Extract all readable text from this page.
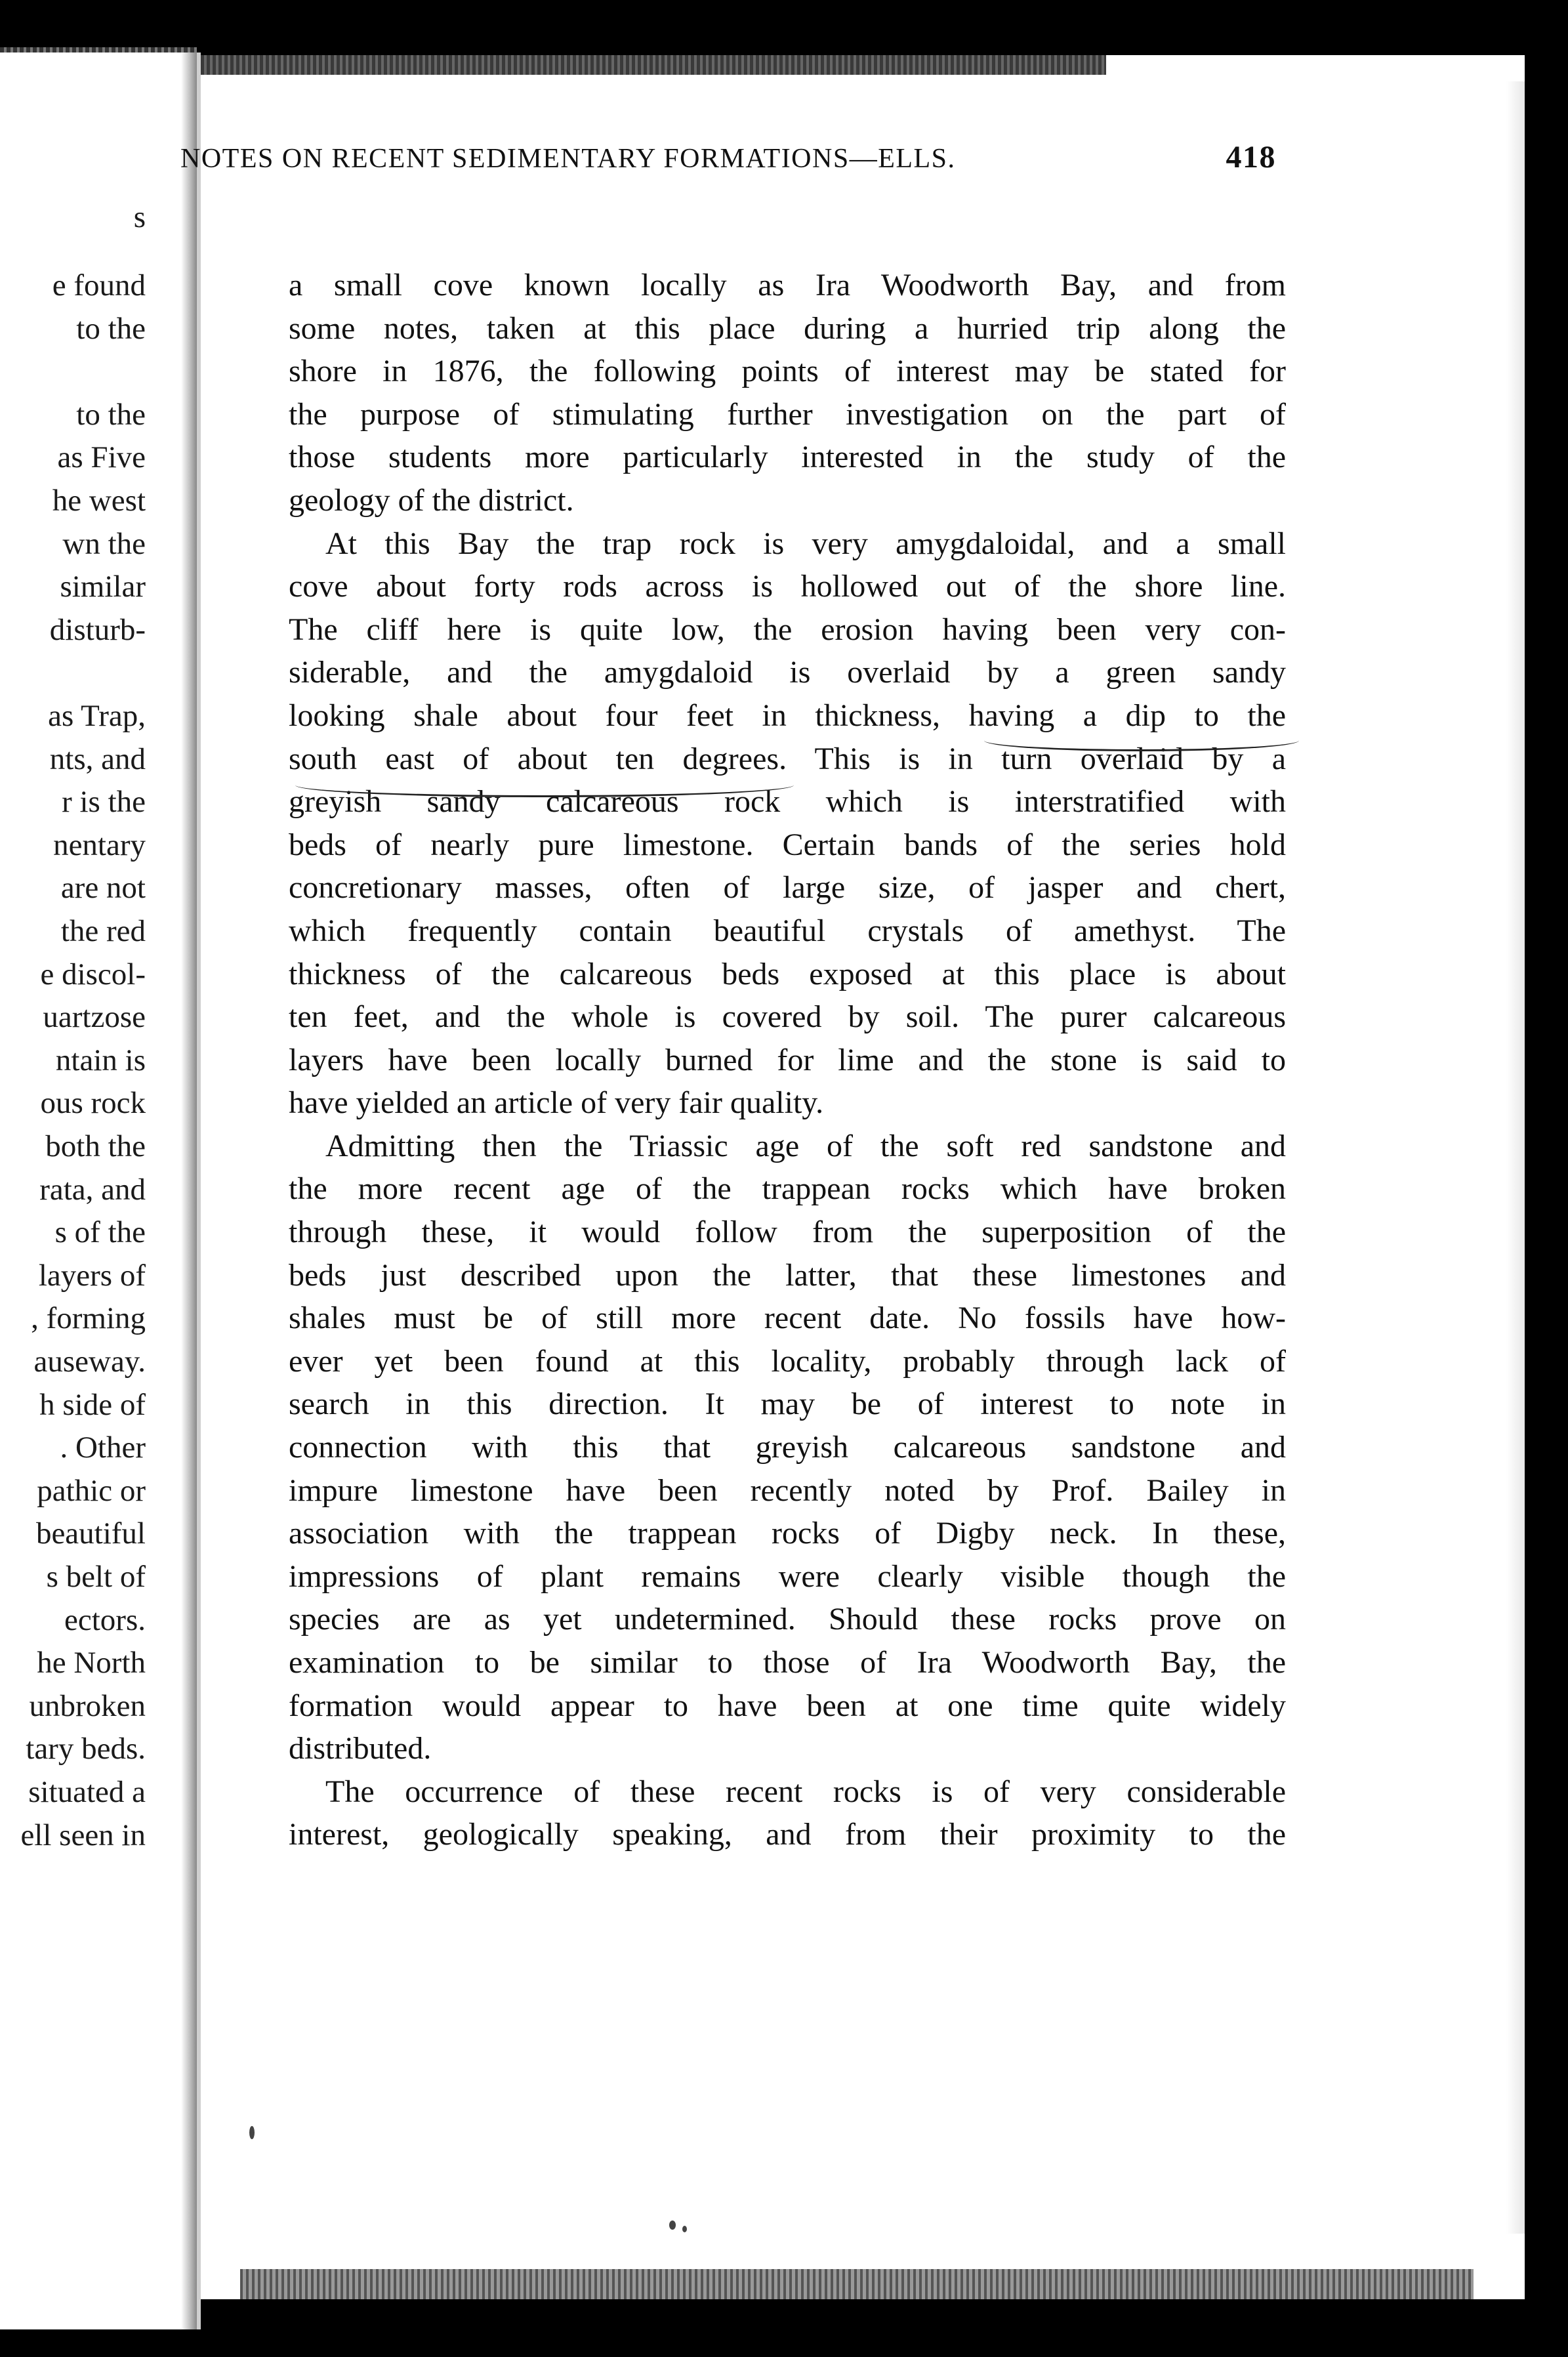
s
e found
to the
to the
as Five
he west
wn the
similar
disturb-
as Trap,
nts, and
r is the
nentary
are not
the red
e discol-
uartzose
ntain is
ous rock
both the
rata, and
s of the
layers of
, forming
auseway.
h side of
. Other
pathic or
beautiful
s belt of
ectors.
he North
unbroken
tary beds.
situated a
ell seen in
NOTES ON RECENT SEDIMENTARY FORMATIONS—ELLS.	418
a small cove known locally as Ira Woodworth Bay, and from
some notes, taken at this place during a hurried trip along the
shore in 1876, the following points of interest may be stated for
the purpose of stimulating further investigation on the part of
those students more particularly interested in the study of the
geology of the district.
At this Bay the trap rock is very amygdaloidal, and a small
cove about forty rods across is hollowed out of the shore line.
The cliff here is quite low, the erosion having been very con-
siderable, and the amygdaloid is overlaid by a green sandy
looking shale about four feet in thickness, having a dip to the
south east of about ten degrees. This is in turn overlaid by a
greyish sandy calcareous rock which is interstratified with
beds of nearly pure limestone. Certain bands of the series hold
concretionary masses, often of large size, of jasper and chert,
which frequently contain beautiful crystals of amethyst. The
thickness of the calcareous beds exposed at this place is about
ten feet, and the whole is covered by soil. The purer calcareous
layers have been locally burned for lime and the stone is said to
have yielded an article of very fair quality.
Admitting then the Triassic age of the soft red sandstone and
the more recent age of the trappean rocks which have broken
through these, it would follow from the superposition of the
beds just described upon the latter, that these limestones and
shales must be of still more recent date. No fossils have how-
ever yet been found at this locality, probably through lack of
search in this direction. It may be of interest to note in
connection with this that greyish calcareous sandstone and
impure limestone have been recently noted by Prof. Bailey in
association with the trappean rocks of Digby neck. In these,
impressions of plant remains were clearly visible though the
species are as yet undetermined. Should these rocks prove on
examination to be similar to those of Ira Woodworth Bay, the
formation would appear to have been at one time quite widely
distributed.
The occurrence of these recent rocks is of very considerable
interest, geologically speaking, and from their proximity to the
